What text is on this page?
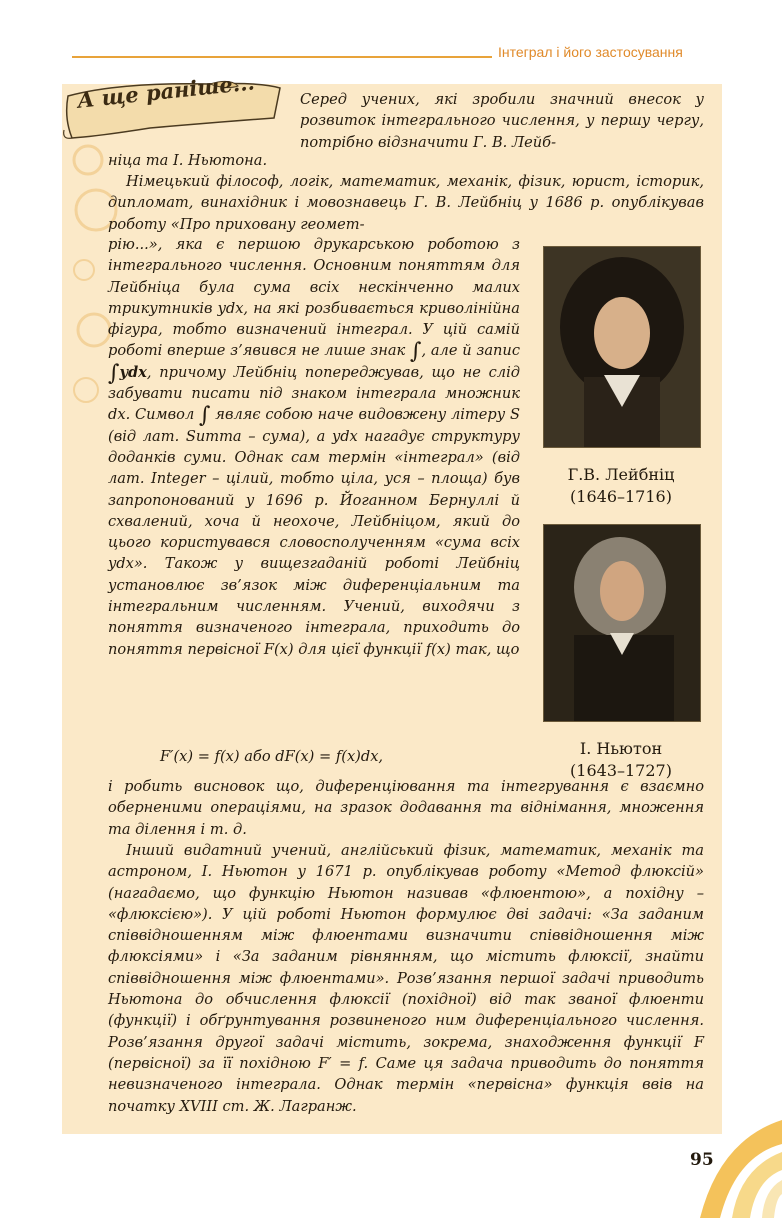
Інтеграл і його застосування
А ще раніше...	Серед учених, які зробили значний внесок у розвиток інтегрального числення, у першу чергу, потрібно відзначити Г. В. Лейб-
ніца та І. Ньютона.
Німецький філософ, логік, математик, механік, фізик, юрист, історик, дипломат, винахідник і мовознавець Г. В. Лейбніц у 1686 р. опублікував роботу «Про приховану геомет-
рію...», яка є першою друкарською роботою з інтегрального числення. Основним поняттям для Лейбніца була сума всіх нескінченно малих трикутників ydx, на які розбивається криволінійна фігура, тобто визначений інтеграл. У цій самій роботі вперше з’явився не лише знак ∫, але й запис ∫ydx, причому Лейбніц попереджував, що не слід забувати писати під знаком інтеграла множник dx. Символ ∫ являє собою наче видовжену літеру S (від лат. Summa – сума), а ydx нагадує структуру доданків суми. Однак сам термін «інтеграл» (від лат. Integer – цілий, тобто ціла, уся – площа) був запропонований у 1696 р. Йоганном Бернуллі й схвалений, хоча й неохоче, Лейбніцом, який до цього користувався словосполученням «сума всіх ydx». Також у вищезгаданій роботі Лейбніц установлює зв’язок між диференціальним та інтегральним численням. Учений, виходячи з поняття визначеного інтеграла, приходить до поняття первісної F(x) для цієї функції f(x) так, що
F′(x) = f(x) або dF(x) = f(x)dx,
і робить висновок що, диференціювання та інтегрування є взаємно оберненими операціями, на зразок додавання та віднімання, множення та ділення і т. д.
Інший видатний учений, англійський фізик, математик, механік та астроном, І. Ньютон у 1671 р. опублікував роботу «Метод флюксій» (нагадаємо, що функцію Ньютон називав «флюентою», а похідну – «флюксією»). У цій роботі Ньютон формулює дві задачі: «За заданим співвідношенням між флюентами визначити співвідношення між флюксіями» і «За заданим рівнянням, що містить флюксії, знайти співвідношення між флюентами». Розв’язання першої задачі приводить Ньютона до обчислення флюксії (похідної) від так званої флюенти (функції) і обґрунтування розвиненого ним диференціального числення. Розв’язання другої задачі містить, зокрема, знаходження функції F (первісної) за її похідною F′ = f. Саме ця задача приводить до поняття невизначеного інтеграла. Однак термін «первісна» функція ввів на початку XVIII ст. Ж. Лагранж.
Г.В. Лейбніц
(1646–1716)
І. Ньютон
(1643–1727)
95
